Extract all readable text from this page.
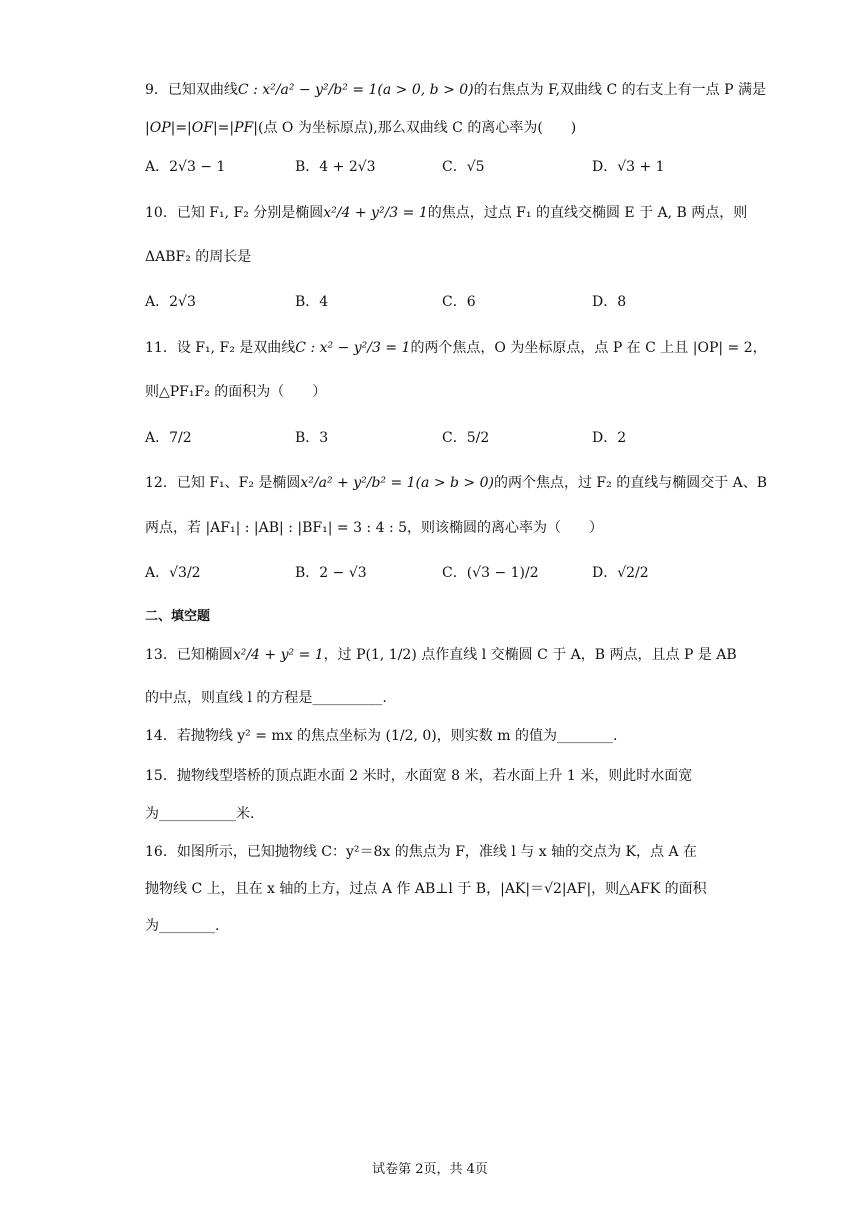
9．已知双曲线C : x²/a² − y²/b² = 1(a > 0, b > 0)的右焦点为 F,双曲线 C 的右支上有一点 P 满是
|OP|=|OF|=|PF|(点 O 为坐标原点),那么双曲线 C 的离心率为(　　)
A．2√3 − 1	B．4 + 2√3	C．√5	D．√3 + 1
10．已知 F₁, F₂ 分别是椭圆x²/4 + y²/3 = 1的焦点，过点 F₁ 的直线交椭圆 E 于 A, B 两点，则
ΔABF₂ 的周长是
A．2√3	B．4	C．6	D．8
11．设 F₁, F₂ 是双曲线C : x² − y²/3 = 1的两个焦点，O 为坐标原点，点 P 在 C 上且 |OP| = 2，
则△PF₁F₂ 的面积为（　　）
A．7/2	B．3	C．5/2	D．2
12．已知 F₁、F₂ 是椭圆x²/a² + y²/b² = 1(a > b > 0)的两个焦点，过 F₂ 的直线与椭圆交于 A、B
两点，若 |AF₁| : |AB| : |BF₁| = 3 : 4 : 5，则该椭圆的离心率为（　　）
A．√3/2	B．2 − √3	C．(√3 − 1)/2	D．√2/2
二、填空题
13．已知椭圆x²/4 + y² = 1，过 P(1, 1/2) 点作直线 l 交椭圆 C 于 A，B 两点，且点 P 是 AB
的中点，则直线 l 的方程是__________.
14．若抛物线 y² = mx 的焦点坐标为 (1/2, 0)，则实数 m 的值为________.
15．抛物线型塔桥的顶点距水面 2 米时，水面宽 8 米，若水面上升 1 米，则此时水面宽
为___________米.
16．如图所示，已知抛物线 C：y²＝8x 的焦点为 F，准线 l 与 x 轴的交点为 K，点 A 在
抛物线 C 上，且在 x 轴的上方，过点 A 作 AB⊥l 于 B，|AK|＝√2|AF|，则△AFK 的面积
为________.
试卷第 2页，共 4页
